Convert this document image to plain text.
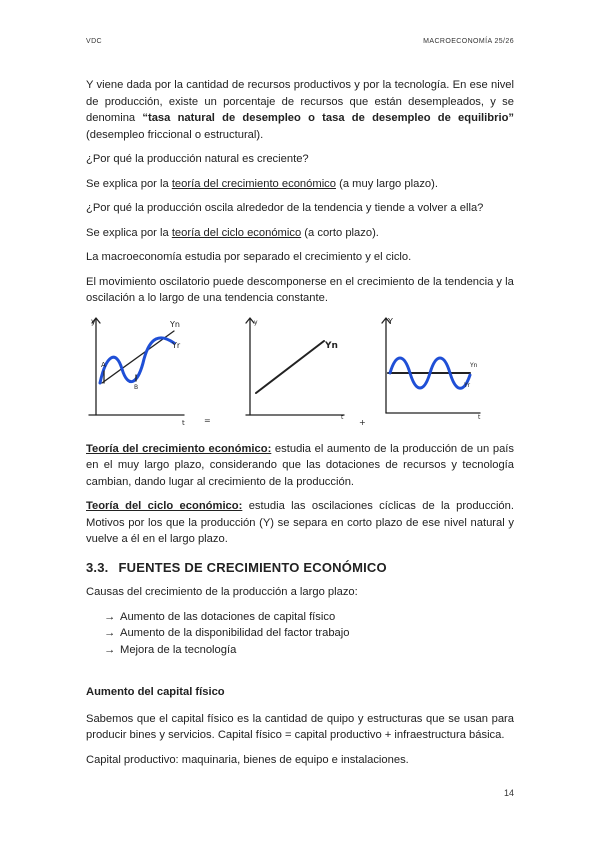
VDC	MACROECONOMÍA 25/26

Y viene dada por la cantidad de recursos productivos y por la tecnología. En ese nivel de producción, existe un porcentaje de recursos que están desempleados, y se denomina “tasa natural de desempleo o tasa de desempleo de equilibrio” (desempleo friccional o estructural).

¿Por qué la producción natural es creciente?

Se explica por la teoría del crecimiento económico (a muy largo plazo).

¿Por qué la producción oscila alrededor de la tendencia y tiende a volver a ella?

Se explica por la teoría del ciclo económico (a corto plazo).

La macroeconomía estudia por separado el crecimiento y el ciclo.

El movimiento oscilatorio puede descomponerse en el crecimiento de la tendencia y la oscilación a lo largo de una tendencia constante.

y	Yn
Yr
A
B
t =
y
Yn
t
+
Y
Yn
Yr
t

Teoría del crecimiento económico: estudia el aumento de la producción de un país en el muy largo plazo, considerando que las dotaciones de recursos y tecnología cambian, dando lugar al crecimiento de la producción.

Teoría del ciclo económico: estudia las oscilaciones cíclicas de la producción. Motivos por los que la producción (Y) se separa en corto plazo de ese nivel natural y vuelve a él en el largo plazo.

3.3. FUENTES DE CRECIMIENTO ECONÓMICO

Causas del crecimiento de la producción a largo plazo:

→ Aumento de las dotaciones de capital físico
→ Aumento de la disponibilidad del factor trabajo
→ Mejora de la tecnología
Aumento del capital físico

Sabemos que el capital físico es la cantidad de quipo y estructuras que se usan para producir bines y servicios. Capital físico = capital productivo + infraestructura básica.

Capital productivo: maquinaria, bienes de equipo e instalaciones.

14
